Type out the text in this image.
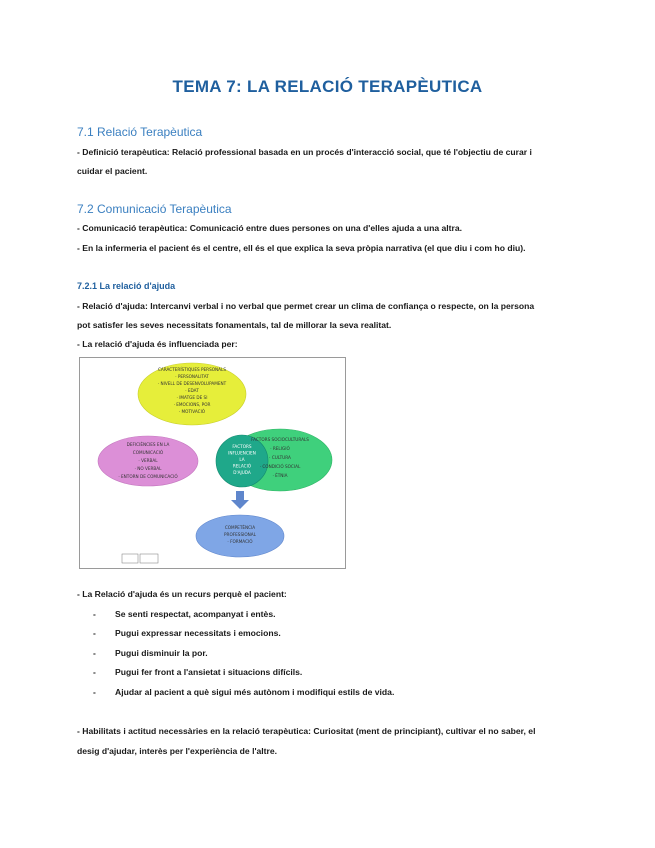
TEMA 7: LA RELACIÓ TERAPÈUTICA
7.1 Relació Terapèutica
- Definició terapèutica: Relació professional basada en un procés d'interacció social, que té l'objectiu de curar i
cuidar el pacient.
7.2 Comunicació Terapèutica
- Comunicació terapèutica: Comunicació entre dues persones on una d'elles ajuda a una altra.
- En la infermeria el pacient és el centre, ell és el que explica la seva pròpia narrativa (el que diu i com ho diu).
7.2.1 La relació d'ajuda
- Relació d'ajuda: Intercanvi verbal i no verbal que permet crear un clima de confiança o respecte, on la persona
pot satisfer les seves necessitats fonamentals, tal de millorar la seva realitat.
- La relació d'ajuda és influenciada per:
CARACTERÍSTIQUES PERSONALS
· PERSONALITAT
· NIVELL DE DESENVOLUPAMENT
· EDAT
· IMATGE DE SI
· EMOCIONS, POR
· MOTIVACIÓ
DEFICIÈNCIES EN LA
COMUNICACIÓ
· VERBAL
· NO VERBAL
· ENTORN DE COMUNICACIÓ
FACTORS
INFLUENCIEN
LA
RELACIÓ
D'AJUDA
FACTORS SOCIOCULTURALS
· RELIGIÓ
· CULTURA
· CONDICIÓ SOCIAL
· ÈTNIA
COMPETÈNCIA
PROFESSIONAL
· FORMACIÓ
- La Relació d'ajuda és un recurs perquè el pacient:
- Se senti respectat, acompanyat i entès.
- Pugui expressar necessitats i emocions.
- Pugui disminuir la por.
- Pugui fer front a l'ansietat i situacions difícils.
- Ajudar al pacient a què sigui més autònom i modifiqui estils de vida.
- Habilitats i actitud necessàries en la relació terapèutica: Curiositat (ment de principiant), cultivar el no saber, el
desig d'ajudar, interès per l'experiència de l'altre.
